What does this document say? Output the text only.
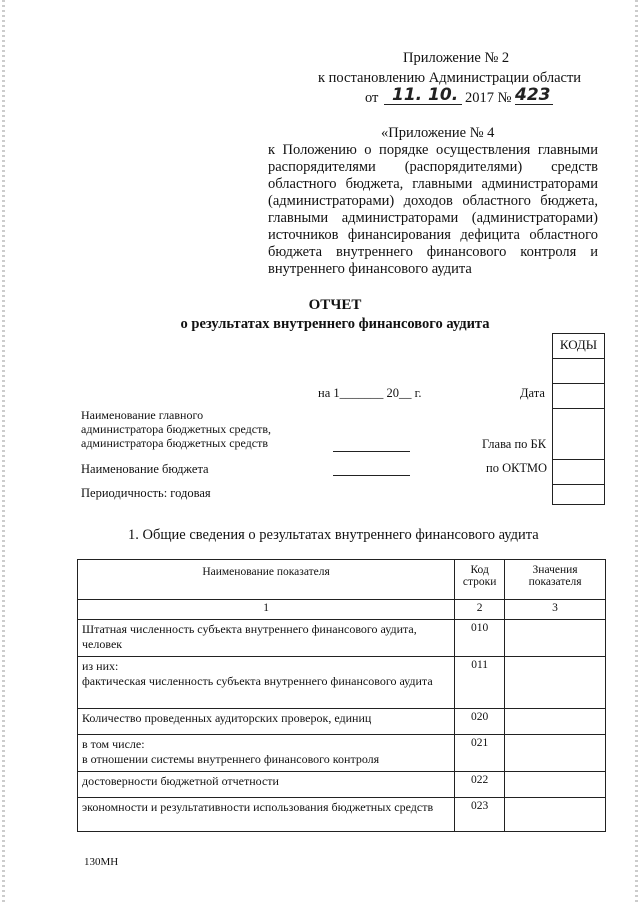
Приложение № 2
к постановлению Администрации области
от 11. 10. 2017 № 423
«Приложение № 4
к Положению о порядке осуществления главными
распорядителями (распорядителями) средств
областного бюджета, главными администраторами
(администраторами) доходов областного бюджета,
главными администраторами (администраторами)
источников финансирования дефицита областного
бюджета внутреннего финансового контроля и
внутреннего финансового аудита
ОТЧЕТ
о результатах внутреннего финансового аудита
КОДЫ
на 1_______ 20__ г.	Дата
Наименование главного
администратора бюджетных средств,
администратора бюджетных средств	Глава по БК
Наименование бюджета	по ОКТМО
Периодичность: годовая
1. Общие сведения о результатах внутреннего финансового аудита
Наименование показателя	Код строки	Значения показателя
1	2	3
Штатная численность субъекта внутреннего финансового аудита, человек	010	
из них:
фактическая численность субъекта внутреннего финансового аудита	011	
Количество проведенных аудиторских проверок, единиц	020	
в том числе:
в отношении системы внутреннего финансового контроля	021	
достоверности бюджетной отчетности	022	
экономности и результативности использования бюджетных средств	023	
130МН
